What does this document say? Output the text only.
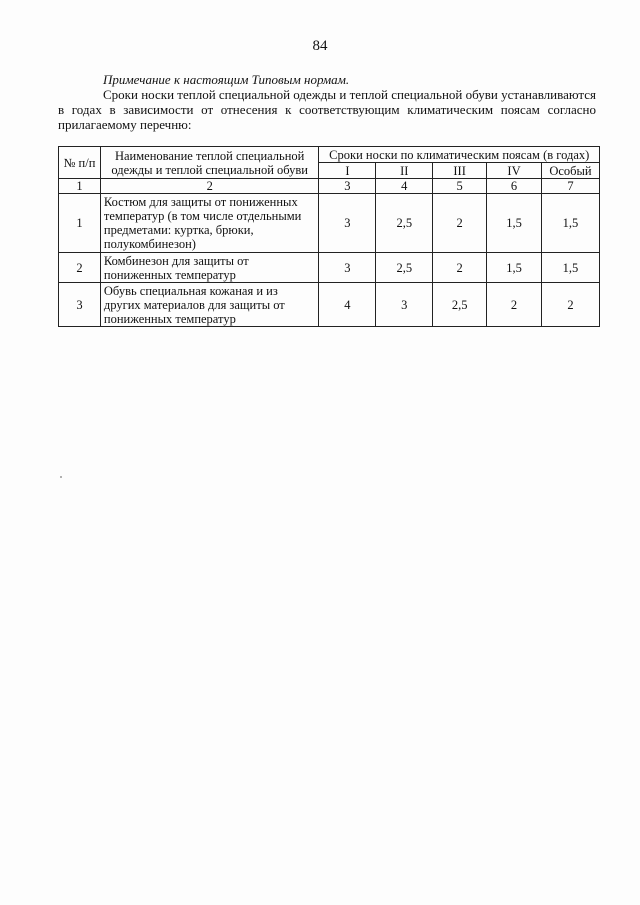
84
Примечание к настоящим Типовым нормам.
Сроки носки теплой специальной одежды и теплой специальной обуви устанавливаются в годах в зависимости от отнесения к соответствующим климатическим поясам согласно прилагаемому перечню:
№ п/п	Наименование теплой специальной одежды и теплой специальной обуви	Сроки носки по климатическим поясам (в годах)				
		I	II	III	IV	Особый
1	2	3	4	5	6	7
1	Костюм для защиты от пониженных температур (в том числе отдельными предметами: куртка, брюки, полукомбинезон)	3	2,5	2	1,5	1,5
2	Комбинезон для защиты от пониженных температур	3	2,5	2	1,5	1,5
3	Обувь специальная кожаная и из других материалов для защиты от пониженных температур	4	3	2,5	2	2
